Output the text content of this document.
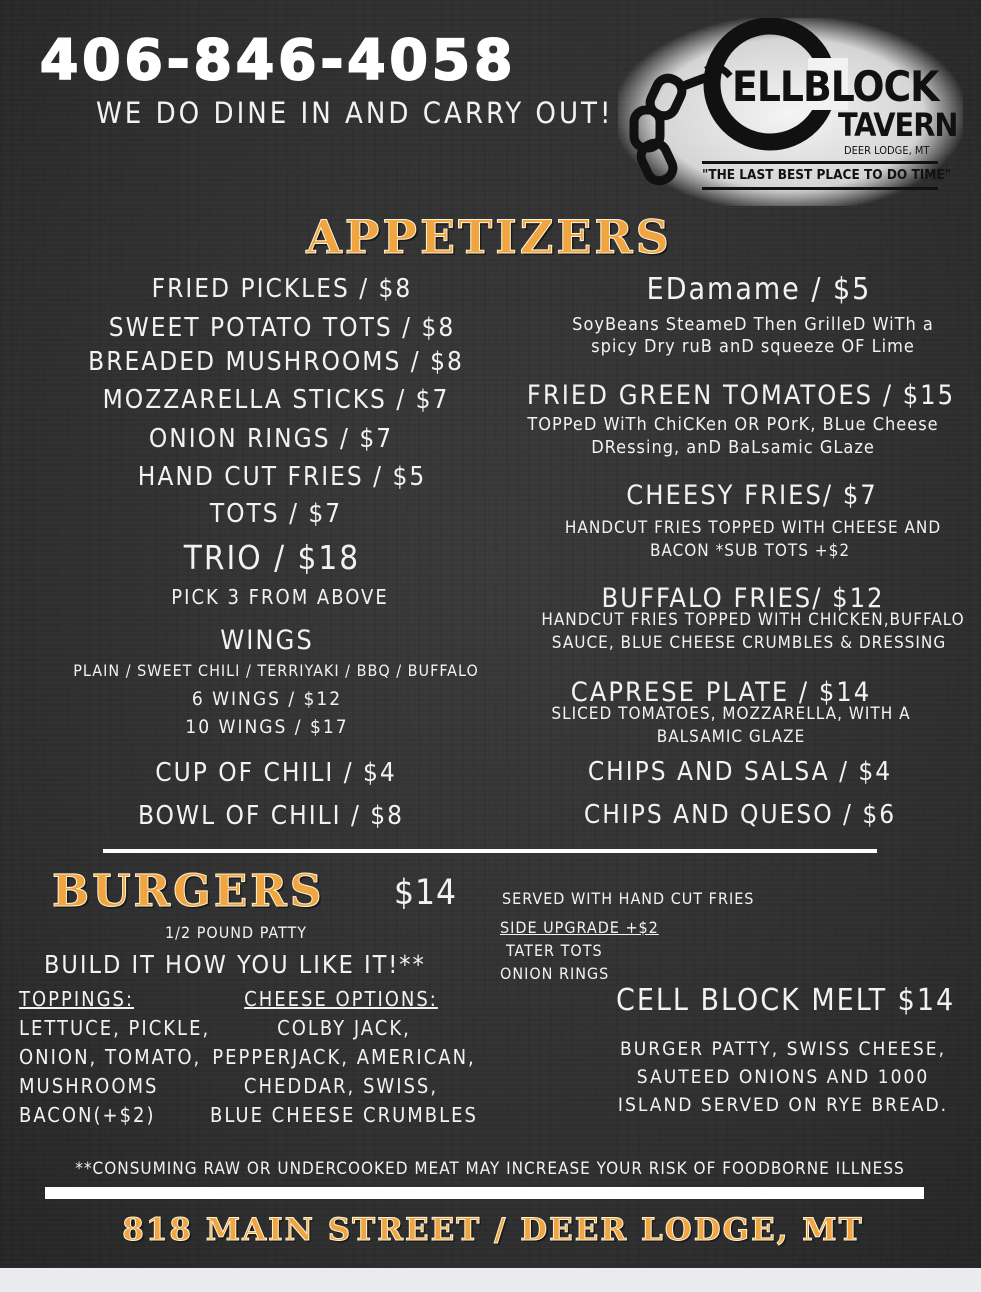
406-846-4058
WE DO DINE IN AND CARRY OUT!
ELLBLOCK
TAVERN
DEER LODGE, MT
"THE LAST BEST PLACE TO DO TIME"
APPETIZERS
FRIED PICKLES / $8
SWEET POTATO TOTS / $8
BREADED MUSHROOMS / $8
MOZZARELLA STICKS / $7
ONION RINGS / $7
HAND CUT FRIES / $5
TOTS / $7
TRIO / $18
PICK 3 FROM ABOVE
WINGS
PLAIN / SWEET CHILI / TERRIYAKI / BBQ / BUFFALO
6 WINGS / $12
10 WINGS / $17
CUP OF CHILI / $4
BOWL OF CHILI / $8
EDamame / $5
SoyBeans SteameD Then GrilleD WiTh a
spicy Dry ruB anD squeeze OF Lime
FRIED GREEN TOMATOES / $15
TOPPeD WiTh ChiCKen OR POrK, BLue Cheese
DRessing, anD BaLsamic GLaze
CHEESY FRIES/ $7
HANDCUT FRIES TOPPED WITH CHEESE AND
BACON *SUB TOTS +$2
BUFFALO FRIES/ $12
HANDCUT FRIES TOPPED WITH CHICKEN,BUFFALO
SAUCE, BLUE CHEESE CRUMBLES & DRESSING
CAPRESE PLATE / $14
SLICED TOMATOES, MOZZARELLA, WITH A
BALSAMIC GLAZE
CHIPS AND SALSA / $4
CHIPS AND QUESO / $6
BURGERS $14
1/2 POUND PATTY
BUILD IT HOW YOU LIKE IT!**
TOPPINGS:
LETTUCE, PICKLE,
ONION, TOMATO,
MUSHROOMS
BACON(+$2)
CHEESE OPTIONS:
COLBY JACK,
PEPPERJACK, AMERICAN,
CHEDDAR, SWISS,
BLUE CHEESE CRUMBLES
SERVED WITH HAND CUT FRIES
SIDE UPGRADE +$2
TATER TOTS
ONION RINGS
CELL BLOCK MELT $14
BURGER PATTY, SWISS CHEESE,
SAUTEED ONIONS AND 1000
ISLAND SERVED ON RYE BREAD.
**CONSUMING RAW OR UNDERCOOKED MEAT MAY INCREASE YOUR RISK OF FOODBORNE ILLNESS
818 MAIN STREET / DEER LODGE, MT
